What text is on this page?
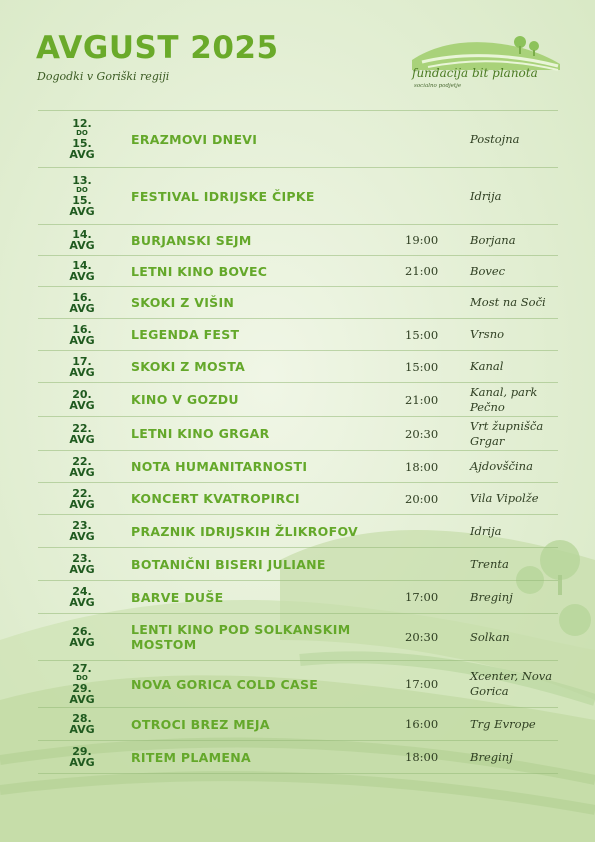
AVGUST 2025
Dogodki v Goriški regiji	fundacija bit planota
socialno podjetje
12.
DO
15.
AVG
ERAZMOVI DNEVI	Postojna
13.
DO
15.
AVG
FESTIVAL IDRIJSKE ČIPKE	Idrija
14.
AVG	BURJANSKI SEJM	19:00	Borjana
14.
AVG	LETNI KINO BOVEC	21:00	Bovec
16.
AVG	SKOKI Z VIŠIN	Most na Soči
16.
AVG	LEGENDA FEST	15:00	Vrsno
17.
AVG	SKOKI Z MOSTA	15:00	Kanal
20.
AVG	KINO V GOZDU	21:00
Kanal, park Pečno
22.
AVG	LETNI KINO GRGAR	20:30
Vrt župnišča Grgar
22.
AVG	NOTA HUMANITARNOSTI	18:00	Ajdovščina
22.
AVG	KONCERT KVATROPIRCI	20:00	Vila Vipolže
23.
AVG	PRAZNIK IDRIJSKIH ŽLIKROFOV	Idrija
23.
AVG	BOTANIČNI BISERI JULIANE	Trenta
24.
AVG	BARVE DUŠE	17:00	Breginj
26.
AVG
LENTI KINO POD SOLKANSKIM MOSTOM	20:30	Solkan
27.
DO
29.
AVG
NOVA GORICA COLD CASE	17:00
Xcenter, Nova Gorica
28.
AVG	OTROCI BREZ MEJA	16:00	Trg Evrope
29.
AVG	RITEM PLAMENA	18:00	Breginj
